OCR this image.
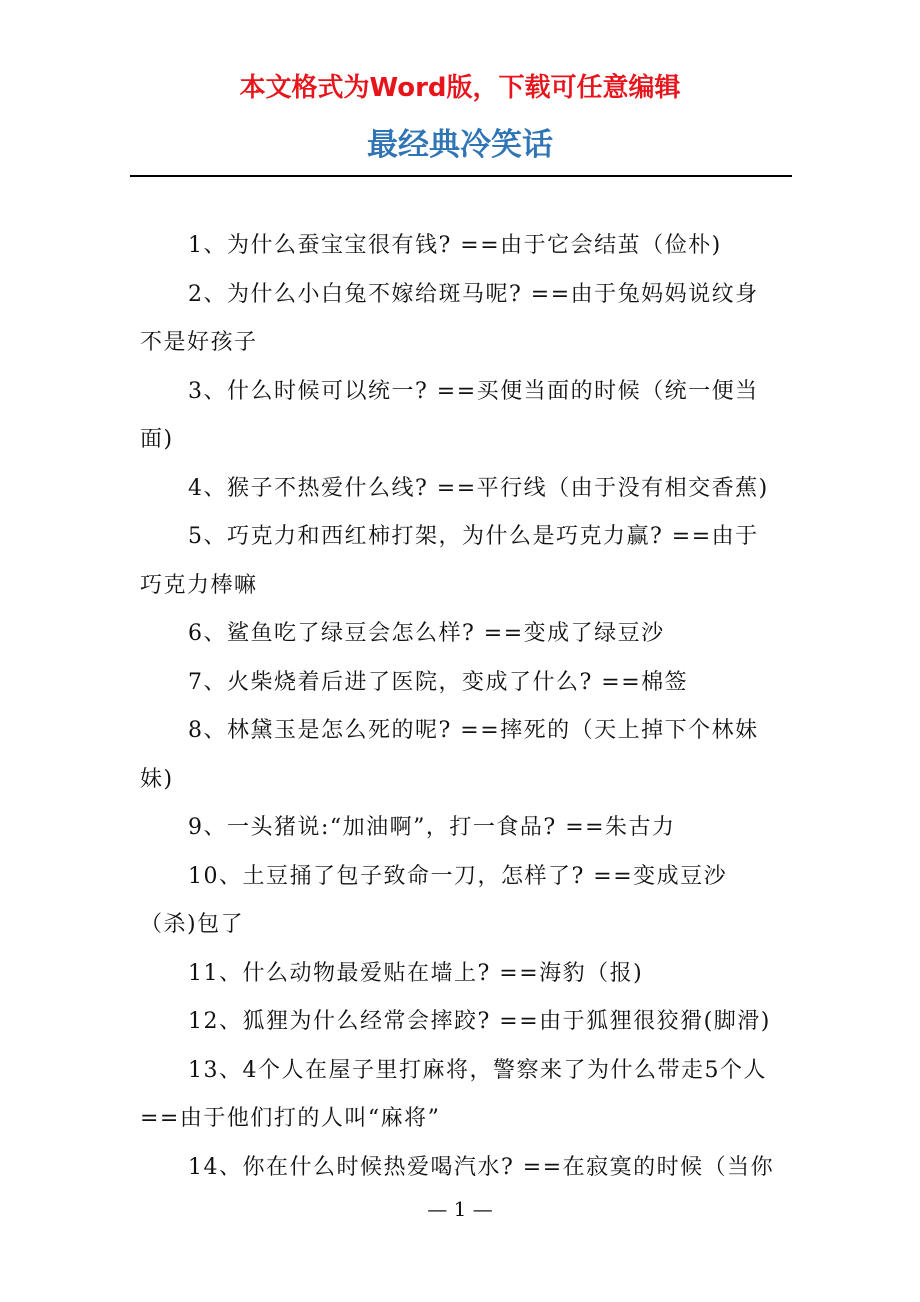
本文格式为Word版，下载可任意编辑
最经典冷笑话

1、为什么蚕宝宝很有钱? ==由于它会结茧（俭朴)

2、为什么小白兔不嫁给斑马呢? ==由于兔妈妈说纹身不是好孩子

3、什么时候可以统一? ==买便当面的时候（统一便当面)

4、猴子不热爱什么线? ==平行线（由于没有相交香蕉)

5、巧克力和西红柿打架，为什么是巧克力赢? ==由于巧克力棒嘛

6、鲨鱼吃了绿豆会怎么样? ==变成了绿豆沙

7、火柴烧着后进了医院，变成了什么? ==棉签

8、林黛玉是怎么死的呢? ==摔死的（天上掉下个林妹妹)

9、一头猪说:“加油啊”，打一食品? ==朱古力

10、土豆捅了包子致命一刀，怎样了? ==变成豆沙（杀)包了

11、什么动物最爱贴在墙上? ==海豹（报)

12、狐狸为什么经常会摔跤? ==由于狐狸很狡猾(脚滑)

13、4个人在屋子里打麻将，警察来了为什么带走5个人==由于他们打的人叫“麻将”

14、你在什么时候热爱喝汽水? ==在寂寞的时候（当你

— 1 —
